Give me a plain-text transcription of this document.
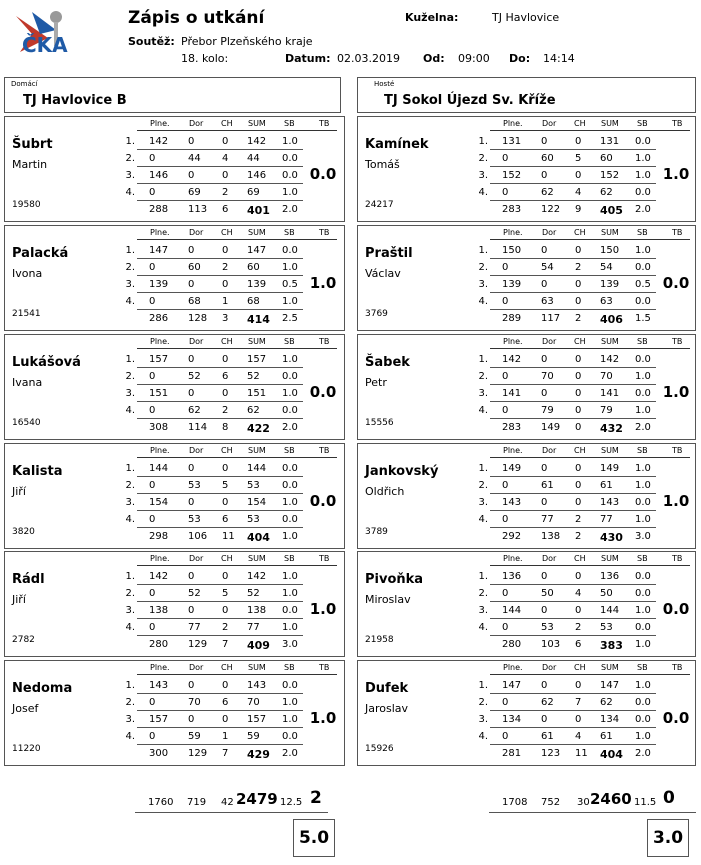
ČKA
Zápis o utkání
Soutěž: Přebor Plzeňského kraje
18. kolo:
Kuželna:	TJ Havlovice
Datum: 02.03.2019 Od: 09:00 Do: 14:14
Domácí
TJ Havlovice B
Hosté
TJ Sokol Újezd Sv. Kříže
Šubrt
Martin
19580
Plne. Dor CH SUM SB	TB
1. 142 0	0 142 1.0
2. 0	44 4 44 0.0
3. 146 0	0 146 0.0
4. 0	69 2 69 1.0
288 113 6 401 2.0
0.0
Palacká
Ivona
21541
Plne. Dor CH SUM SB	TB
1. 147 0	0 147 0.0
2. 0	60 2 60 1.0
3. 139 0	0 139 0.5
4. 0	68 1 68 1.0
286 128 3 414 2.5
1.0
Lukášová
Ivana
16540
Plne. Dor CH SUM SB	TB
1. 157 0	0 157 1.0
2. 0	52 6 52 0.0
3. 151 0	0 151 1.0
4. 0	62 2 62 0.0
308 114 8 422 2.0
0.0
Kalista
Jiří
3820
Plne. Dor CH SUM SB	TB
1. 144 0	0 144 0.0
2. 0	53 5 53 0.0
3. 154 0	0 154 1.0
4. 0	53 6 53 0.0
298 106 11 404 1.0
0.0
Rádl
Jiří
2782
Plne. Dor CH SUM SB	TB
1. 142 0	0 142 1.0
2. 0	52 5 52 1.0
3. 138 0	0 138 0.0
4. 0	77 2 77 1.0
280 129 7 409 3.0
1.0
Nedoma
Josef
11220
Plne. Dor CH SUM SB	TB
1. 143 0	0 143 0.0
2. 0	70 6 70 1.0
3. 157 0	0 157 1.0
4. 0	59 1 59 0.0
300 129 7 429 2.0
1.0
Kamínek
Tomáš
24217
Plne. Dor CH SUM SB	TB
1. 131 0	0 131 0.0
2. 0	60 5 60 1.0
3. 152 0	0 152 1.0
4. 0	62 4 62 0.0
283 122 9 405 2.0
1.0
Praštil
Václav
3769
Plne. Dor CH SUM SB	TB
1. 150 0	0 150 1.0
2. 0	54 2 54 0.0
3. 139 0	0 139 0.5
4. 0	63 0 63 0.0
289 117 2 406 1.5
0.0
Šabek
Petr
15556
Plne. Dor CH SUM SB	TB
1. 142 0	0 142 0.0
2. 0	70 0 70 1.0
3. 141 0	0 141 0.0
4. 0	79 0 79 1.0
283 149 0 432 2.0
1.0
Jankovský
Oldřich
3789
Plne. Dor CH SUM SB	TB
1. 149 0	0 149 1.0
2. 0	61 0 61 1.0
3. 143 0	0 143 0.0
4. 0	77 2 77 1.0
292 138 2 430 3.0
1.0
Pivoňka
Miroslav
21958
Plne. Dor CH SUM SB	TB
1. 136 0	0 136 0.0
2. 0	50 4 50 0.0
3. 144 0	0 144 1.0
4. 0	53 2 53 0.0
280 103 6 383 1.0
0.0
Dufek
Jaroslav
15926
Plne. Dor CH SUM SB	TB
1. 147 0	0 147 1.0
2. 0	62 7 62 0.0
3. 134 0	0 134 0.0
4. 0	61 4 61 1.0
281 123 11 404 2.0
0.0
1760 719 42 2479 12.5 2	1708 752 30 2460 11.5 0
5.0	3.0
